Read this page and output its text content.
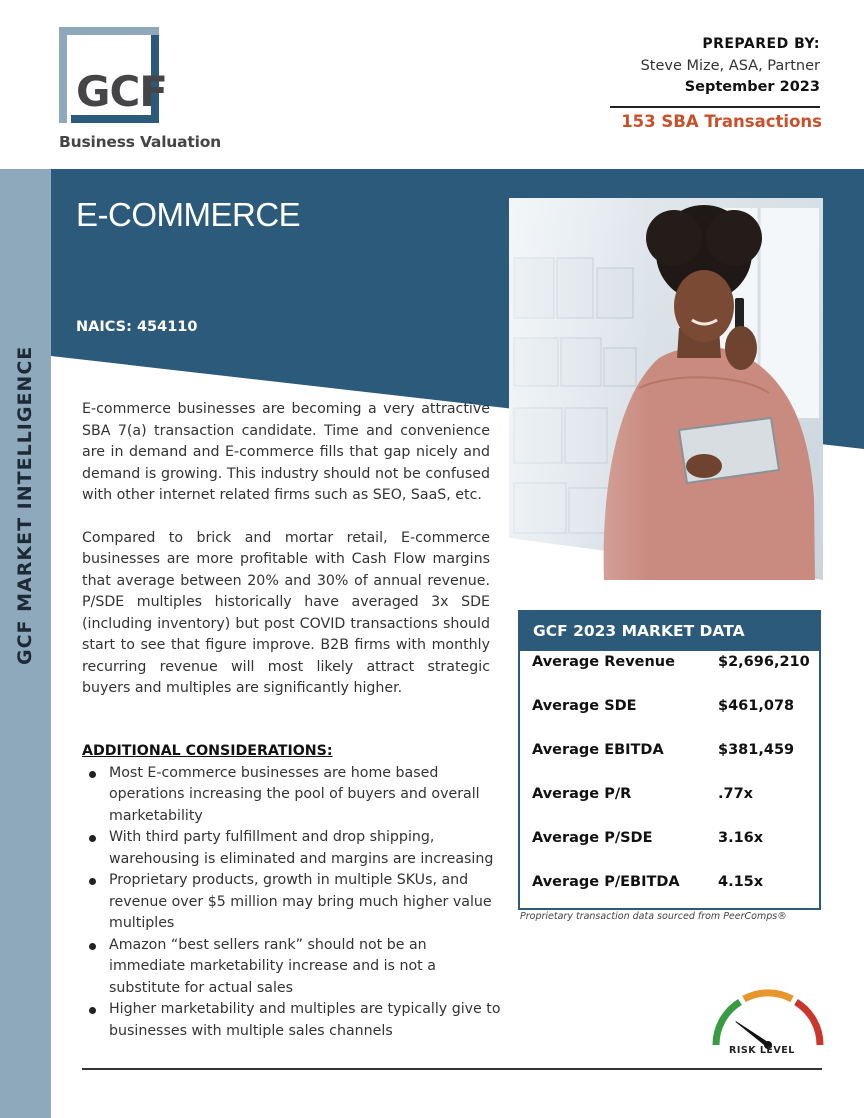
GCF
Business Valuation
PREPARED BY:
Steve Mize, ASA, Partner
September 2023
153 SBA Transactions
GCF MARKET INTELLIGENCE
E-COMMERCE
NAICS: 454110

E-commerce businesses are becoming a very attractive SBA 7(a) transaction candidate. Time and convenience are in demand and E-commerce fills that gap nicely and demand is growing. This industry should not be confused with other internet related firms such as SEO, SaaS, etc.

Compared to brick and mortar retail, E-commerce businesses are more profitable with Cash Flow margins that average between 20% and 30% of annual revenue. P/SDE multiples historically have averaged 3x SDE (including inventory) but post COVID transactions should start to see that figure improve. B2B firms with monthly recurring revenue will most likely attract strategic buyers and multiples are significantly higher.

ADDITIONAL CONSIDERATIONS:
Most E-commerce businesses are home based operations increasing the pool of buyers and overall marketability
With third party fulfillment and drop shipping, warehousing is eliminated and margins are increasing
Proprietary products, growth in multiple SKUs, and revenue over $5 million may bring much higher value multiples
Amazon “best sellers rank” should not be an immediate marketability increase and is not a substitute for actual sales
Higher marketability and multiples are typically give to businesses with multiple sales channels
GCF 2023 MARKET DATA
Average Revenue	$2,696,210
Average SDE	$461,078
Average EBITDA	$381,459
Average P/R	.77x
Average P/SDE	3.16x
Average P/EBITDA	4.15x
Proprietary transaction data sourced from PeerComps®
RISK LEVEL
